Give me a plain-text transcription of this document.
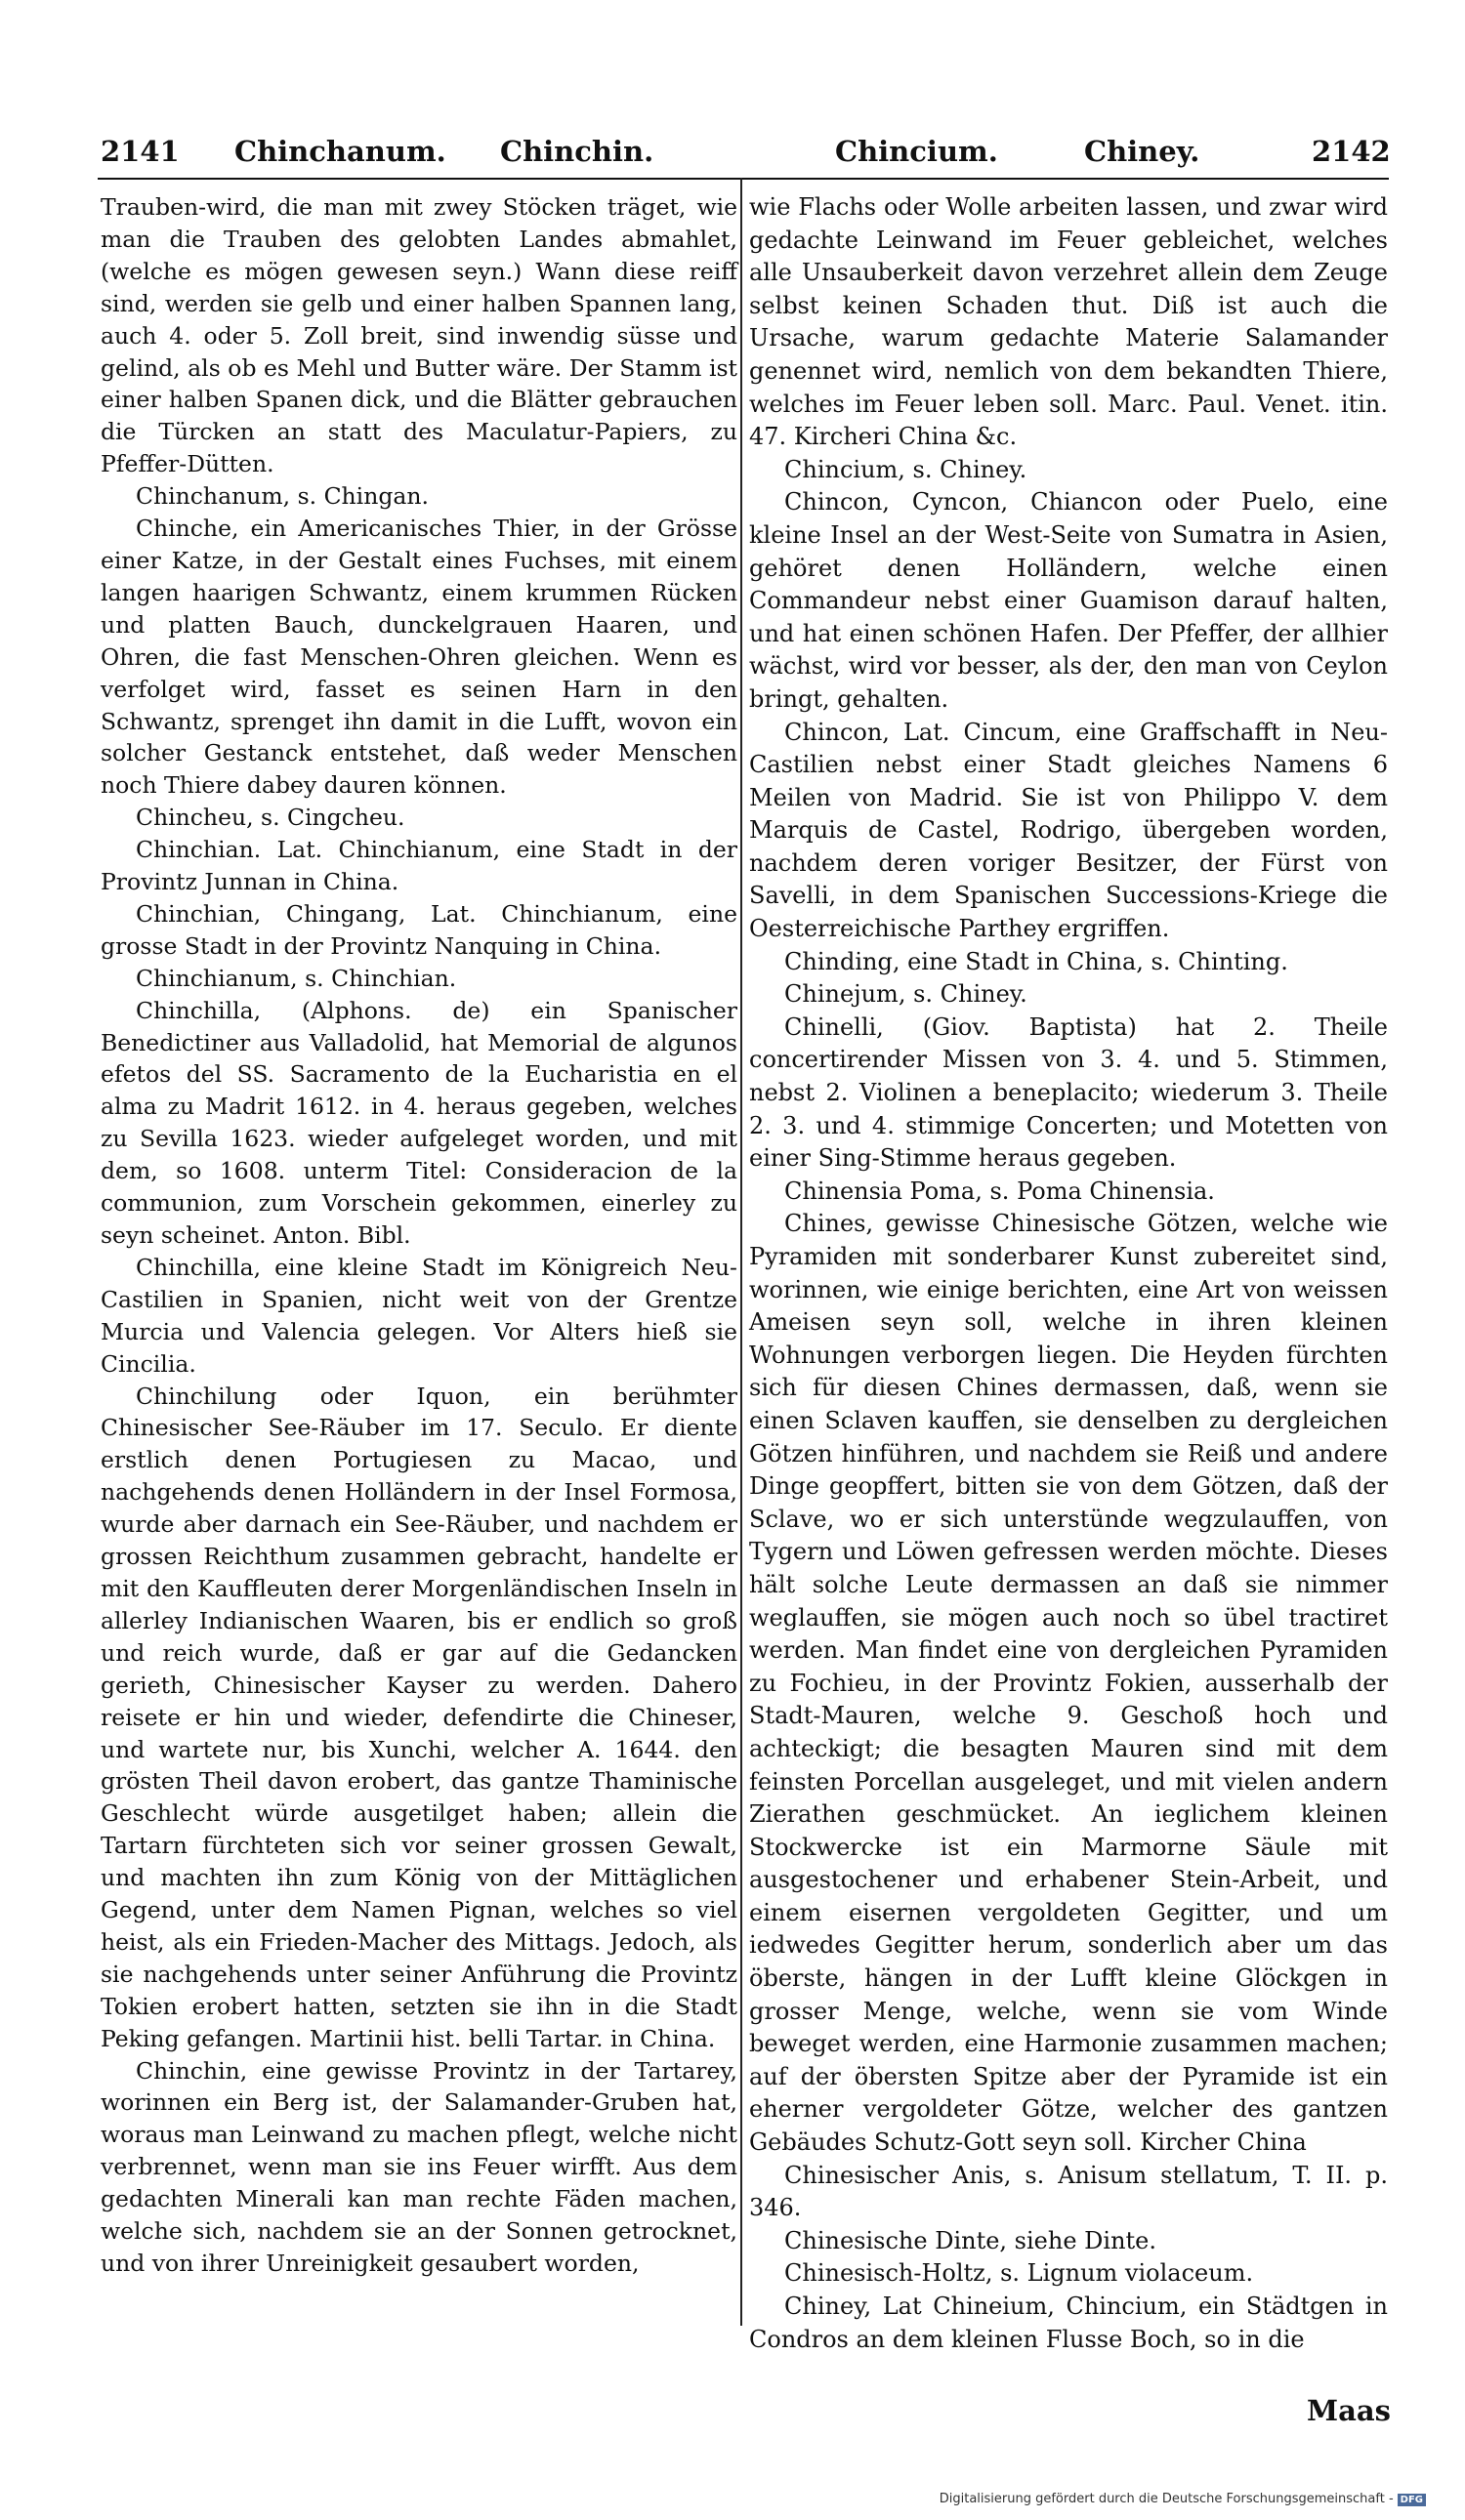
2141 Chinchanum. Chinchin.	Chincium.	Chiney.	2142

Trauben-wird, die man mit zwey Stöcken träget, wie man die Trauben des gelobten Landes abmahlet, (welche es mögen gewesen seyn.) Wann diese reiff sind, werden sie gelb und einer halben Spannen lang, auch 4. oder 5. Zoll breit, sind inwendig süsse und gelind, als ob es Mehl und Butter wäre. Der Stamm ist einer halben Spanen dick, und die Blätter gebrauchen die Türcken an statt des Maculatur-Papiers, zu Pfeffer-Dütten.

Chinchanum, s. Chingan.

Chinche, ein Americanisches Thier, in der Grösse einer Katze, in der Gestalt eines Fuchses, mit einem langen haarigen Schwantz, einem krummen Rücken und platten Bauch, dunckelgrauen Haaren, und Ohren, die fast Menschen-Ohren gleichen. Wenn es verfolget wird, fasset es seinen Harn in den Schwantz, sprenget ihn damit in die Lufft, wovon ein solcher Gestanck entstehet, daß weder Menschen noch Thiere dabey dauren können.

Chincheu, s. Cingcheu.

Chinchian. Lat. Chinchianum, eine Stadt in der Provintz Junnan in China.

Chinchian, Chingang, Lat. Chinchianum, eine grosse Stadt in der Provintz Nanquing in China.

Chinchianum, s. Chinchian.

Chinchilla, (Alphons. de) ein Spanischer Benedictiner aus Valladolid, hat Memorial de algunos efetos del SS. Sacramento de la Eucharistia en el alma zu Madrit 1612. in 4. heraus gegeben, welches zu Sevilla 1623. wieder aufgeleget worden, und mit dem, so 1608. unterm Titel: Consideracion de la communion, zum Vorschein gekommen, einerley zu seyn scheinet. Anton. Bibl.

Chinchilla, eine kleine Stadt im Königreich Neu-Castilien in Spanien, nicht weit von der Grentze Murcia und Valencia gelegen. Vor Alters hieß sie Cincilia.

Chinchilung oder Iquon, ein berühmter Chinesischer See-Räuber im 17. Seculo. Er diente erstlich denen Portugiesen zu Macao, und nachgehends denen Holländern in der Insel Formosa, wurde aber darnach ein See-Räuber, und nachdem er grossen Reichthum zusammen gebracht, handelte er mit den Kauffleuten derer Morgenländischen Inseln in allerley Indianischen Waaren, bis er endlich so groß und reich wurde, daß er gar auf die Gedancken gerieth, Chinesischer Kayser zu werden. Dahero reisete er hin und wieder, defendirte die Chineser, und wartete nur, bis Xunchi, welcher A. 1644. den grösten Theil davon erobert, das gantze Thaminische Geschlecht würde ausgetilget haben; allein die Tartarn fürchteten sich vor seiner grossen Gewalt, und machten ihn zum König von der Mittäglichen Gegend, unter dem Namen Pignan, welches so viel heist, als ein Frieden-Macher des Mittags. Jedoch, als sie nachgehends unter seiner Anführung die Provintz Tokien erobert hatten, setzten sie ihn in die Stadt Peking gefangen. Martinii hist. belli Tartar. in China.

Chinchin, eine gewisse Provintz in der Tartarey, worinnen ein Berg ist, der Salamander-Gruben hat, woraus man Leinwand zu machen pflegt, welche nicht verbrennet, wenn man sie ins Feuer wirfft. Aus dem gedachten Minerali kan man rechte Fäden machen, welche sich, nachdem sie an der Sonnen getrocknet, und von ihrer Unreinigkeit gesaubert worden,

wie Flachs oder Wolle arbeiten lassen, und zwar wird gedachte Leinwand im Feuer gebleichet, welches alle Unsauberkeit davon verzehret allein dem Zeuge selbst keinen Schaden thut. Diß ist auch die Ursache, warum gedachte Materie Salamander genennet wird, nemlich von dem bekandten Thiere, welches im Feuer leben soll. Marc. Paul. Venet. itin. 47. Kircheri China &c.

Chincium, s. Chiney.

Chincon, Cyncon, Chiancon oder Puelo, eine kleine Insel an der West-Seite von Sumatra in Asien, gehöret denen Holländern, welche einen Commandeur nebst einer Guamison darauf halten, und hat einen schönen Hafen. Der Pfeffer, der allhier wächst, wird vor besser, als der, den man von Ceylon bringt, gehalten.

Chincon, Lat. Cincum, eine Graffschafft in Neu-Castilien nebst einer Stadt gleiches Namens 6 Meilen von Madrid. Sie ist von Philippo V. dem Marquis de Castel, Rodrigo, übergeben worden, nachdem deren voriger Besitzer, der Fürst von Savelli, in dem Spanischen Successions-Kriege die Oesterreichische Parthey ergriffen.

Chinding, eine Stadt in China, s. Chinting.

Chinejum, s. Chiney.

Chinelli, (Giov. Baptista) hat 2. Theile concertirender Missen von 3. 4. und 5. Stimmen, nebst 2. Violinen a beneplacito; wiederum 3. Theile 2. 3. und 4. stimmige Concerten; und Motetten von einer Sing-Stimme heraus gegeben.

Chinensia Poma, s. Poma Chinensia.

Chines, gewisse Chinesische Götzen, welche wie Pyramiden mit sonderbarer Kunst zubereitet sind, worinnen, wie einige berichten, eine Art von weissen Ameisen seyn soll, welche in ihren kleinen Wohnungen verborgen liegen. Die Heyden fürchten sich für diesen Chines dermassen, daß, wenn sie einen Sclaven kauffen, sie denselben zu dergleichen Götzen hinführen, und nachdem sie Reiß und andere Dinge geopffert, bitten sie von dem Götzen, daß der Sclave, wo er sich unterstünde wegzulauffen, von Tygern und Löwen gefressen werden möchte. Dieses hält solche Leute dermassen an daß sie nimmer weglauffen, sie mögen auch noch so übel tractiret werden. Man findet eine von dergleichen Pyramiden zu Fochieu, in der Provintz Fokien, ausserhalb der Stadt-Mauren, welche 9. Geschoß hoch und achteckigt; die besagten Mauren sind mit dem feinsten Porcellan ausgeleget, und mit vielen andern Zierathen geschmücket. An ieglichem kleinen Stockwercke ist ein Marmorne Säule mit ausgestochener und erhabener Stein-Arbeit, und einem eisernen vergoldeten Gegitter, und um iedwedes Gegitter herum, sonderlich aber um das öberste, hängen in der Lufft kleine Glöckgen in grosser Menge, welche, wenn sie vom Winde beweget werden, eine Harmonie zusammen machen; auf der öbersten Spitze aber der Pyramide ist ein eherner vergoldeter Götze, welcher des gantzen Gebäudes Schutz-Gott seyn soll. Kircher China

Chinesischer Anis, s. Anisum stellatum, T. II. p. 346.

Chinesische Dinte, siehe Dinte.

Chinesisch-Holtz, s. Lignum violaceum.

Chiney, Lat Chineium, Chincium, ein Städtgen in Condros an dem kleinen Flusse Boch, so in die

Maas
Digitalisierung gefördert durch die Deutsche Forschungsgemeinschaft - DFG
